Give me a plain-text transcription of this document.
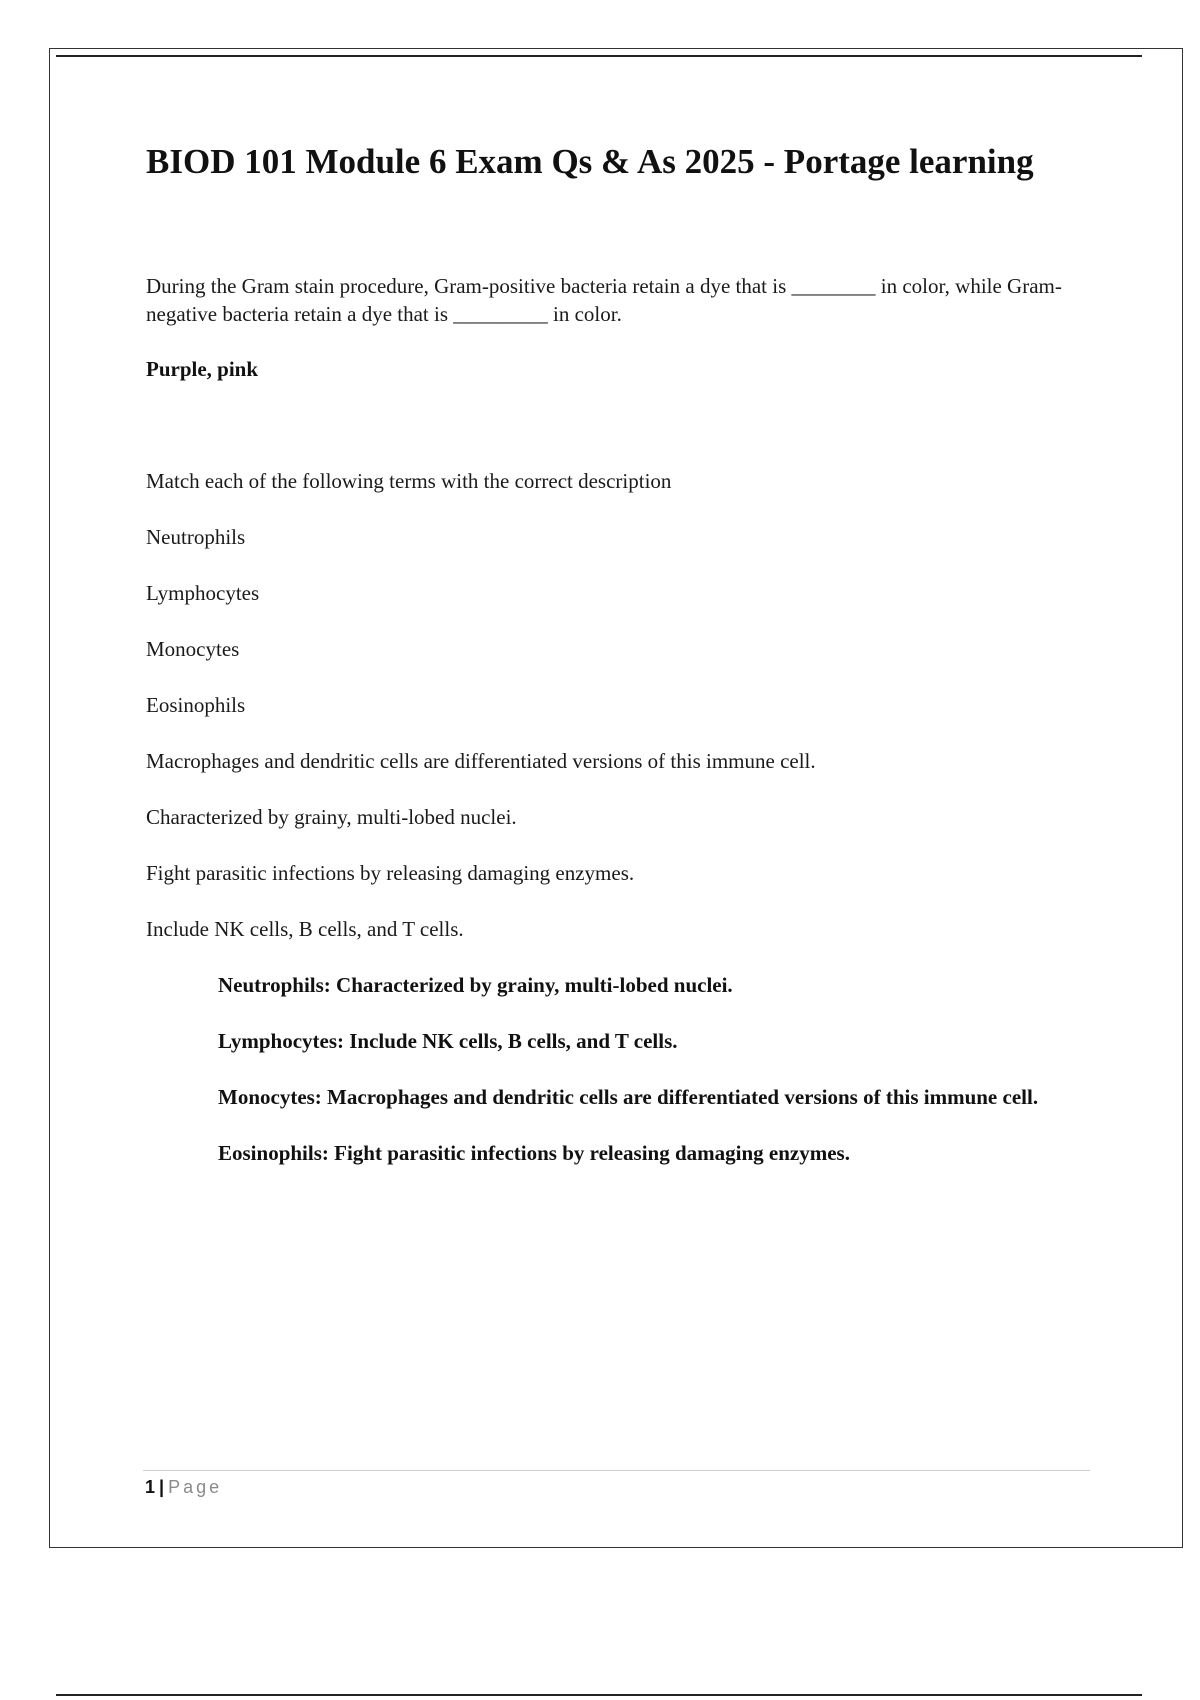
BIOD 101 Module 6 Exam Qs & As 2025 - Portage learning

During the Gram stain procedure, Gram-positive bacteria retain a dye that is ________ in color, while Gram-negative bacteria retain a dye that is _________ in color.

Purple, pink

Match each of the following terms with the correct description

Neutrophils

Lymphocytes

Monocytes

Eosinophils

Macrophages and dendritic cells are differentiated versions of this immune cell.

Characterized by grainy, multi-lobed nuclei.

Fight parasitic infections by releasing damaging enzymes.

Include NK cells, B cells, and T cells.

Neutrophils: Characterized by grainy, multi-lobed nuclei.

Lymphocytes: Include NK cells, B cells, and T cells.

Monocytes: Macrophages and dendritic cells are differentiated versions of this immune cell.

Eosinophils: Fight parasitic infections by releasing damaging enzymes.

1 | Page
